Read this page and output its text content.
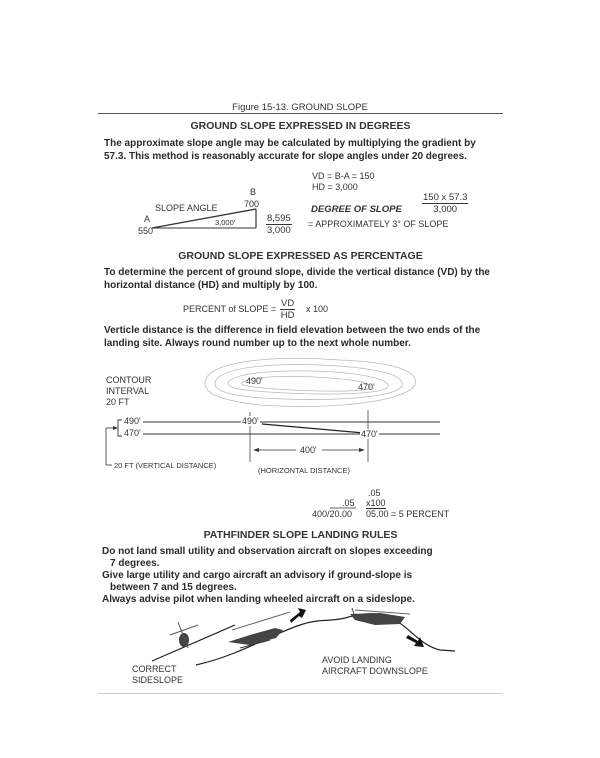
Figure 15-13. GROUND SLOPE
GROUND SLOPE EXPRESSED IN DEGREES
The approximate slope angle may be calculated by multiplying the gradient by
57.3. This method is reasonably accurate for slope angles under 20 degrees.
VD = B-A = 150
HD = 3,000
B
700
SLOPE ANGLE
A
550
3,000'
DEGREE OF SLOPE $\frac{150 x 57.3}{3,000}$
$\frac{8,595}{3,000}$ = APPROXIMATELY 3° OF SLOPE
GROUND SLOPE EXPRESSED AS PERCENTAGE
To determine the percent of ground slope, divide the vertical distance (VD) by the
horizontal distance (HD) and multiply by 100.
PERCENT of SLOPE = $\frac{VD}{HD}$ x 100
Verticle distance is the difference in field elevation between the two ends of the
landing site. Always round number up to the next whole number.
CONTOUR
INTERVAL
20 FT
490'
470'
490'
470'
490'
470'
400'
20 FT (VERTICAL DISTANCE)
(HORIZONTAL DISTANCE)
.05
.05 x100
400/20.00 05.00 = 5 PERCENT
PATHFINDER SLOPE LANDING RULES
Do not land small utility and observation aircraft on slopes exceeding
7 degrees.
Give large utility and cargo aircraft an advisory if ground-slope is
between 7 and 15 degrees.
Always advise pilot when landing wheeled aircraft on a sideslope.
CORRECT
SIDESLOPE
AVOID LANDING
AIRCRAFT DOWNSLOPE
